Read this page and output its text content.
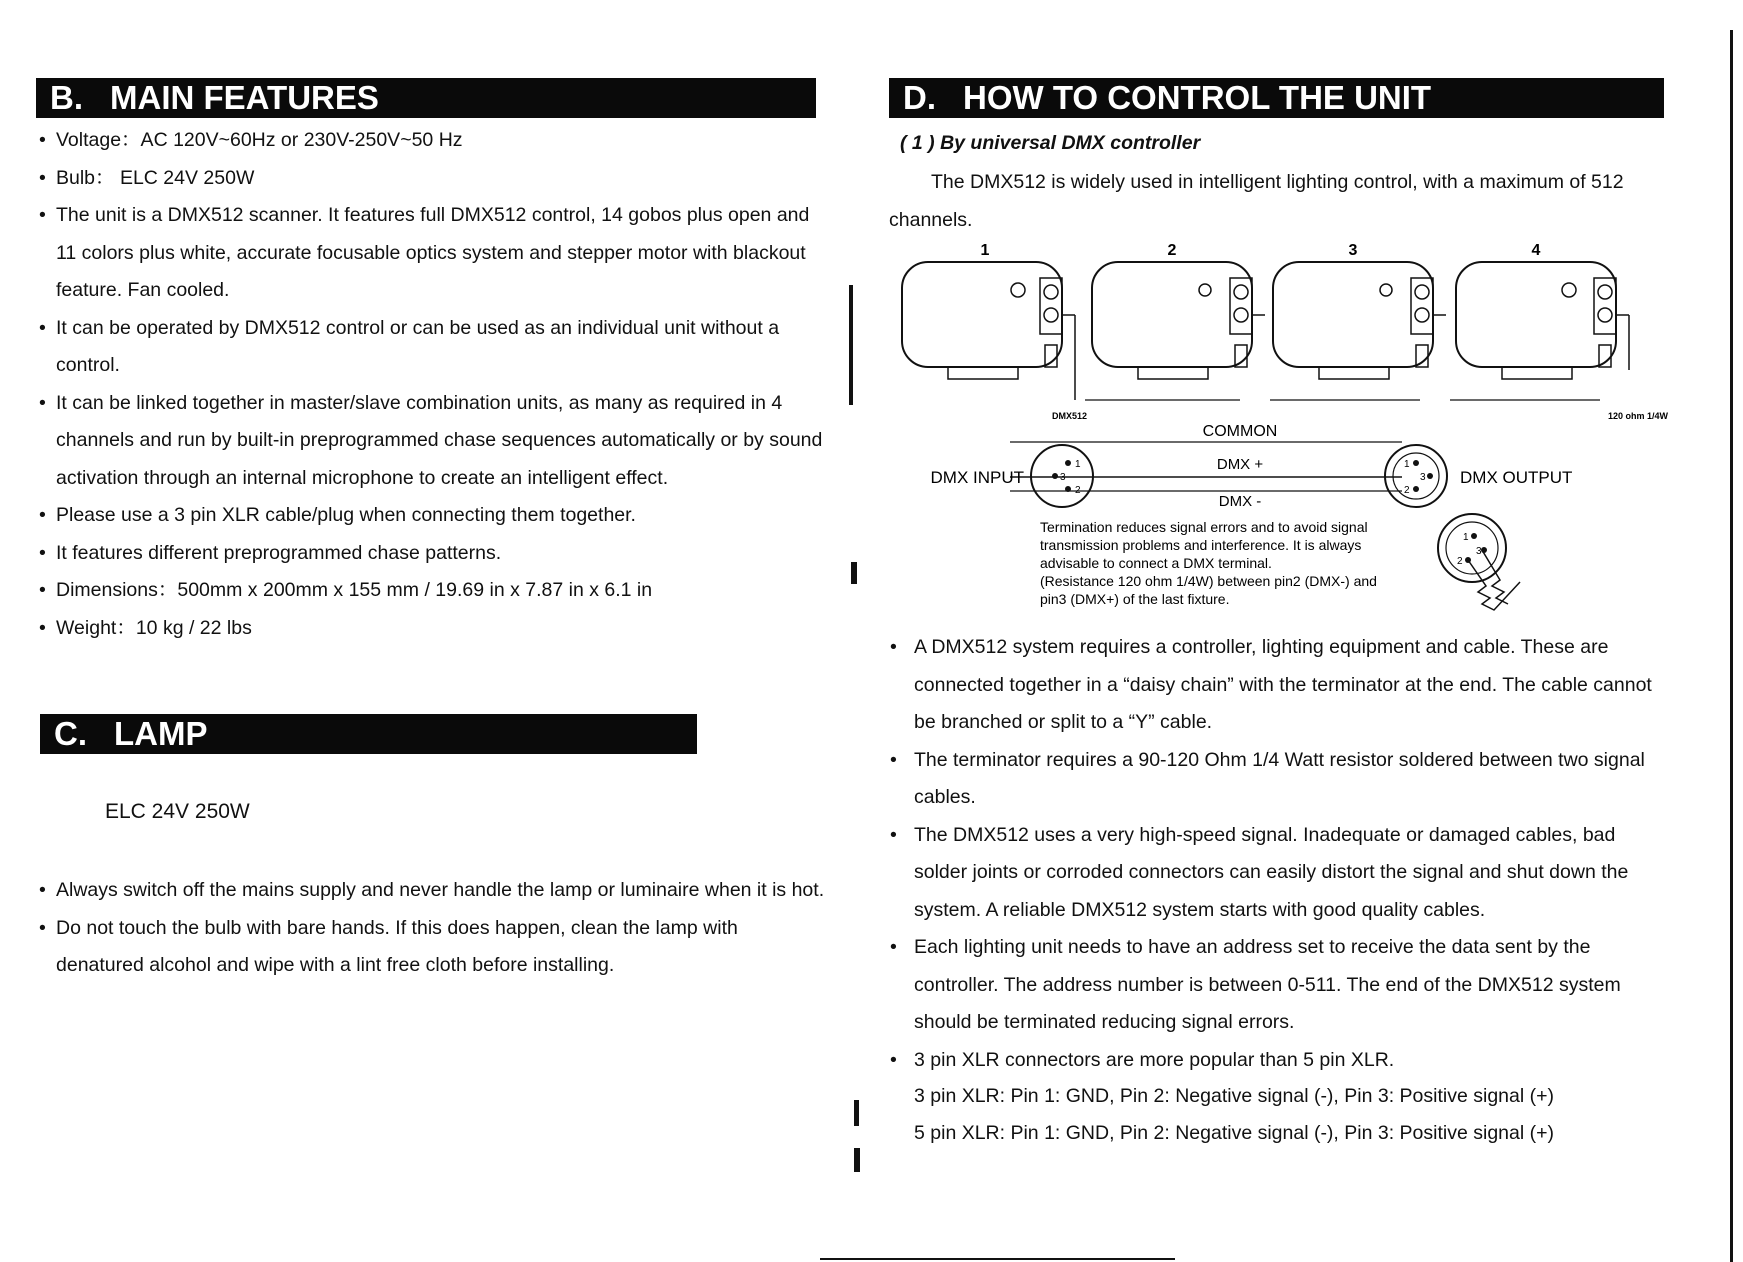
B. MAIN FEATURES
• Voltage：AC 120V~60Hz or 230V-250V~50 Hz
• Bulb： ELC 24V 250W
• The unit is a DMX512 scanner. It features full DMX512 control, 14 gobos plus open and 11 colors plus white, accurate focusable optics system and stepper motor with blackout feature. Fan cooled.
• It can be operated by DMX512 control or can be used as an individual unit without a control.
• It can be linked together in master/slave combination units, as many as required in 4 channels and run by built-in preprogrammed chase sequences automatically or by sound activation through an internal microphone to create an intelligent effect.
• Please use a 3 pin XLR cable/plug when connecting them together.
• It features different preprogrammed chase patterns.
• Dimensions：500mm x 200mm x 155 mm / 19.69 in x 7.87 in x 6.1 in
• Weight：10 kg / 22 lbs
C. LAMP
ELC 24V 250W
• Always switch off the mains supply and never handle the lamp or luminaire when it is hot.
• Do not touch the bulb with bare hands. If this does happen, clean the lamp with denatured alcohol and wipe with a lint free cloth before installing.
D. HOW TO CONTROL THE UNIT
( 1 ) By universal DMX controller

The DMX512 is widely used in intelligent lighting control, with a maximum of 512 channels.

1	2	3	4
DMX512	120 ohm 1/4W
COMMON
DMX +
DMX -
DMX INPUT
1
3
2
1
3
2
DMX OUTPUT
Termination reduces signal errors and to avoid signal
transmission problems and interference. It is always
advisable to connect a DMX terminal.
(Resistance 120 ohm 1/4W) between pin2 (DMX-) and
pin3 (DMX+) of the last fixture.
1
3
2
• A DMX512 system requires a controller, lighting equipment and cable. These are connected together in a “daisy chain” with the terminator at the end. The cable cannot be branched or split to a “Y” cable.
• The terminator requires a 90-120 Ohm 1/4 Watt resistor soldered between two signal cables.
• The DMX512 uses a very high-speed signal. Inadequate or damaged cables, bad solder joints or corroded connectors can easily distort the signal and shut down the system. A reliable DMX512 system starts with good quality cables.
• Each lighting unit needs to have an address set to receive the data sent by the controller. The address number is between 0-511. The end of the DMX512 system should be terminated reducing signal errors.
• 3 pin XLR connectors are more popular than 5 pin XLR.

3 pin XLR: Pin 1: GND, Pin 2: Negative signal (-), Pin 3: Positive signal (+)

5 pin XLR: Pin 1: GND, Pin 2: Negative signal (-), Pin 3: Positive signal (+)
